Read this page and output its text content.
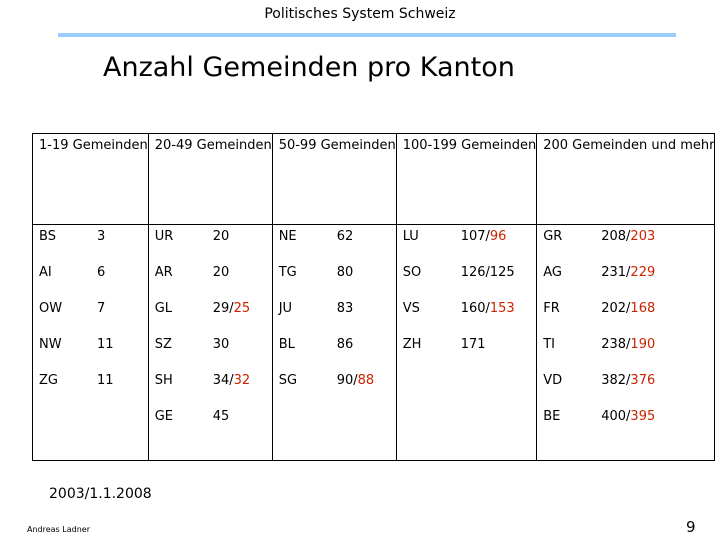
Politisches System Schweiz
Anzahl Gemeinden pro Kanton
1-19 Gemeinden		20-49 Gemeinden		50-99 Gemeinden		100-199 Gemeinden		200 Gemeinden und mehr	
BS	3	UR	20	NE	62	LU	107/96	GR	208/203
AI	6	AR	20	TG	80	SO	126/125	AG	231/229
OW	7	GL	29/25	JU	83	VS	160/153	FR	202/168
NW	11	SZ	30	BL	86	ZH	171	TI	238/190
ZG	11	SH	34/32	SG	90/88			VD	382/376
		GE	45					BE	400/395
2003/1.1.2008
Andreas Ladner	9
